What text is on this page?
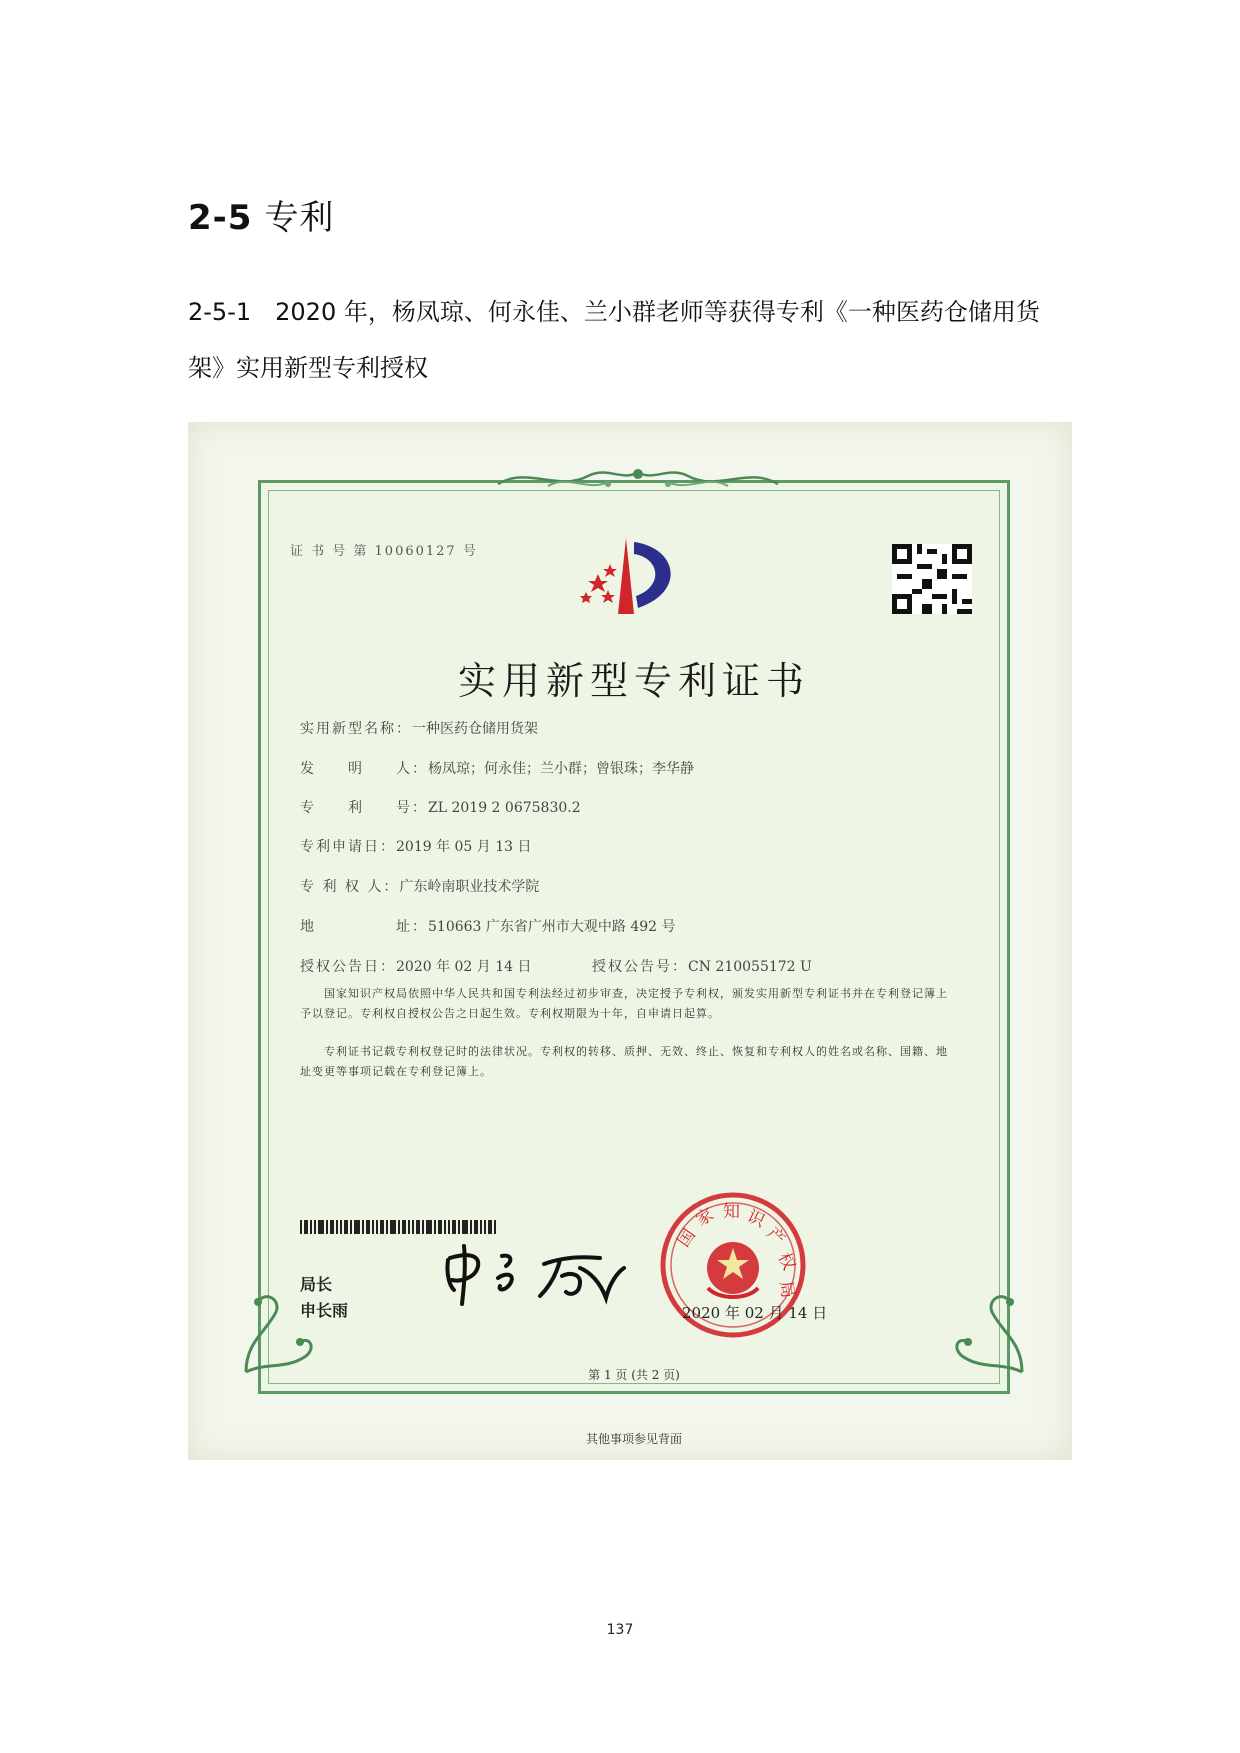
2-5 专利
2-5-1 2020 年，杨凤琼、何永佳、兰小群老师等获得专利《一种医药仓储用货架》实用新型专利授权
证 书 号 第 10060127 号
实用新型专利证书
实用新型名称：一种医药仓储用货架
发　　明　　人：杨凤琼；何永佳；兰小群；曾银珠；李华静
专　　利　　号：ZL 2019 2 0675830.2
专利申请日：2019 年 05 月 13 日
专 利 权 人：广东岭南职业技术学院
地　　　　　址：510663 广东省广州市大观中路 492 号
授权公告日：2020 年 02 月 14 日	授权公告号：CN 210055172 U
国家知识产权局依照中华人民共和国专利法经过初步审查，决定授予专利权，颁发实用新型专利证书并在专利登记簿上予以登记。专利权自授权公告之日起生效。专利权期限为十年，自申请日起算。
专利证书记载专利权登记时的法律状况。专利权的转移、质押、无效、终止、恢复和专利权人的姓名或名称、国籍、地址变更等事项记载在专利登记簿上。
局长
申长雨
国
家 知 识
产
权
局
2020 年 02 月 14 日
第 1 页 (共 2 页)
其他事项参见背面
137
